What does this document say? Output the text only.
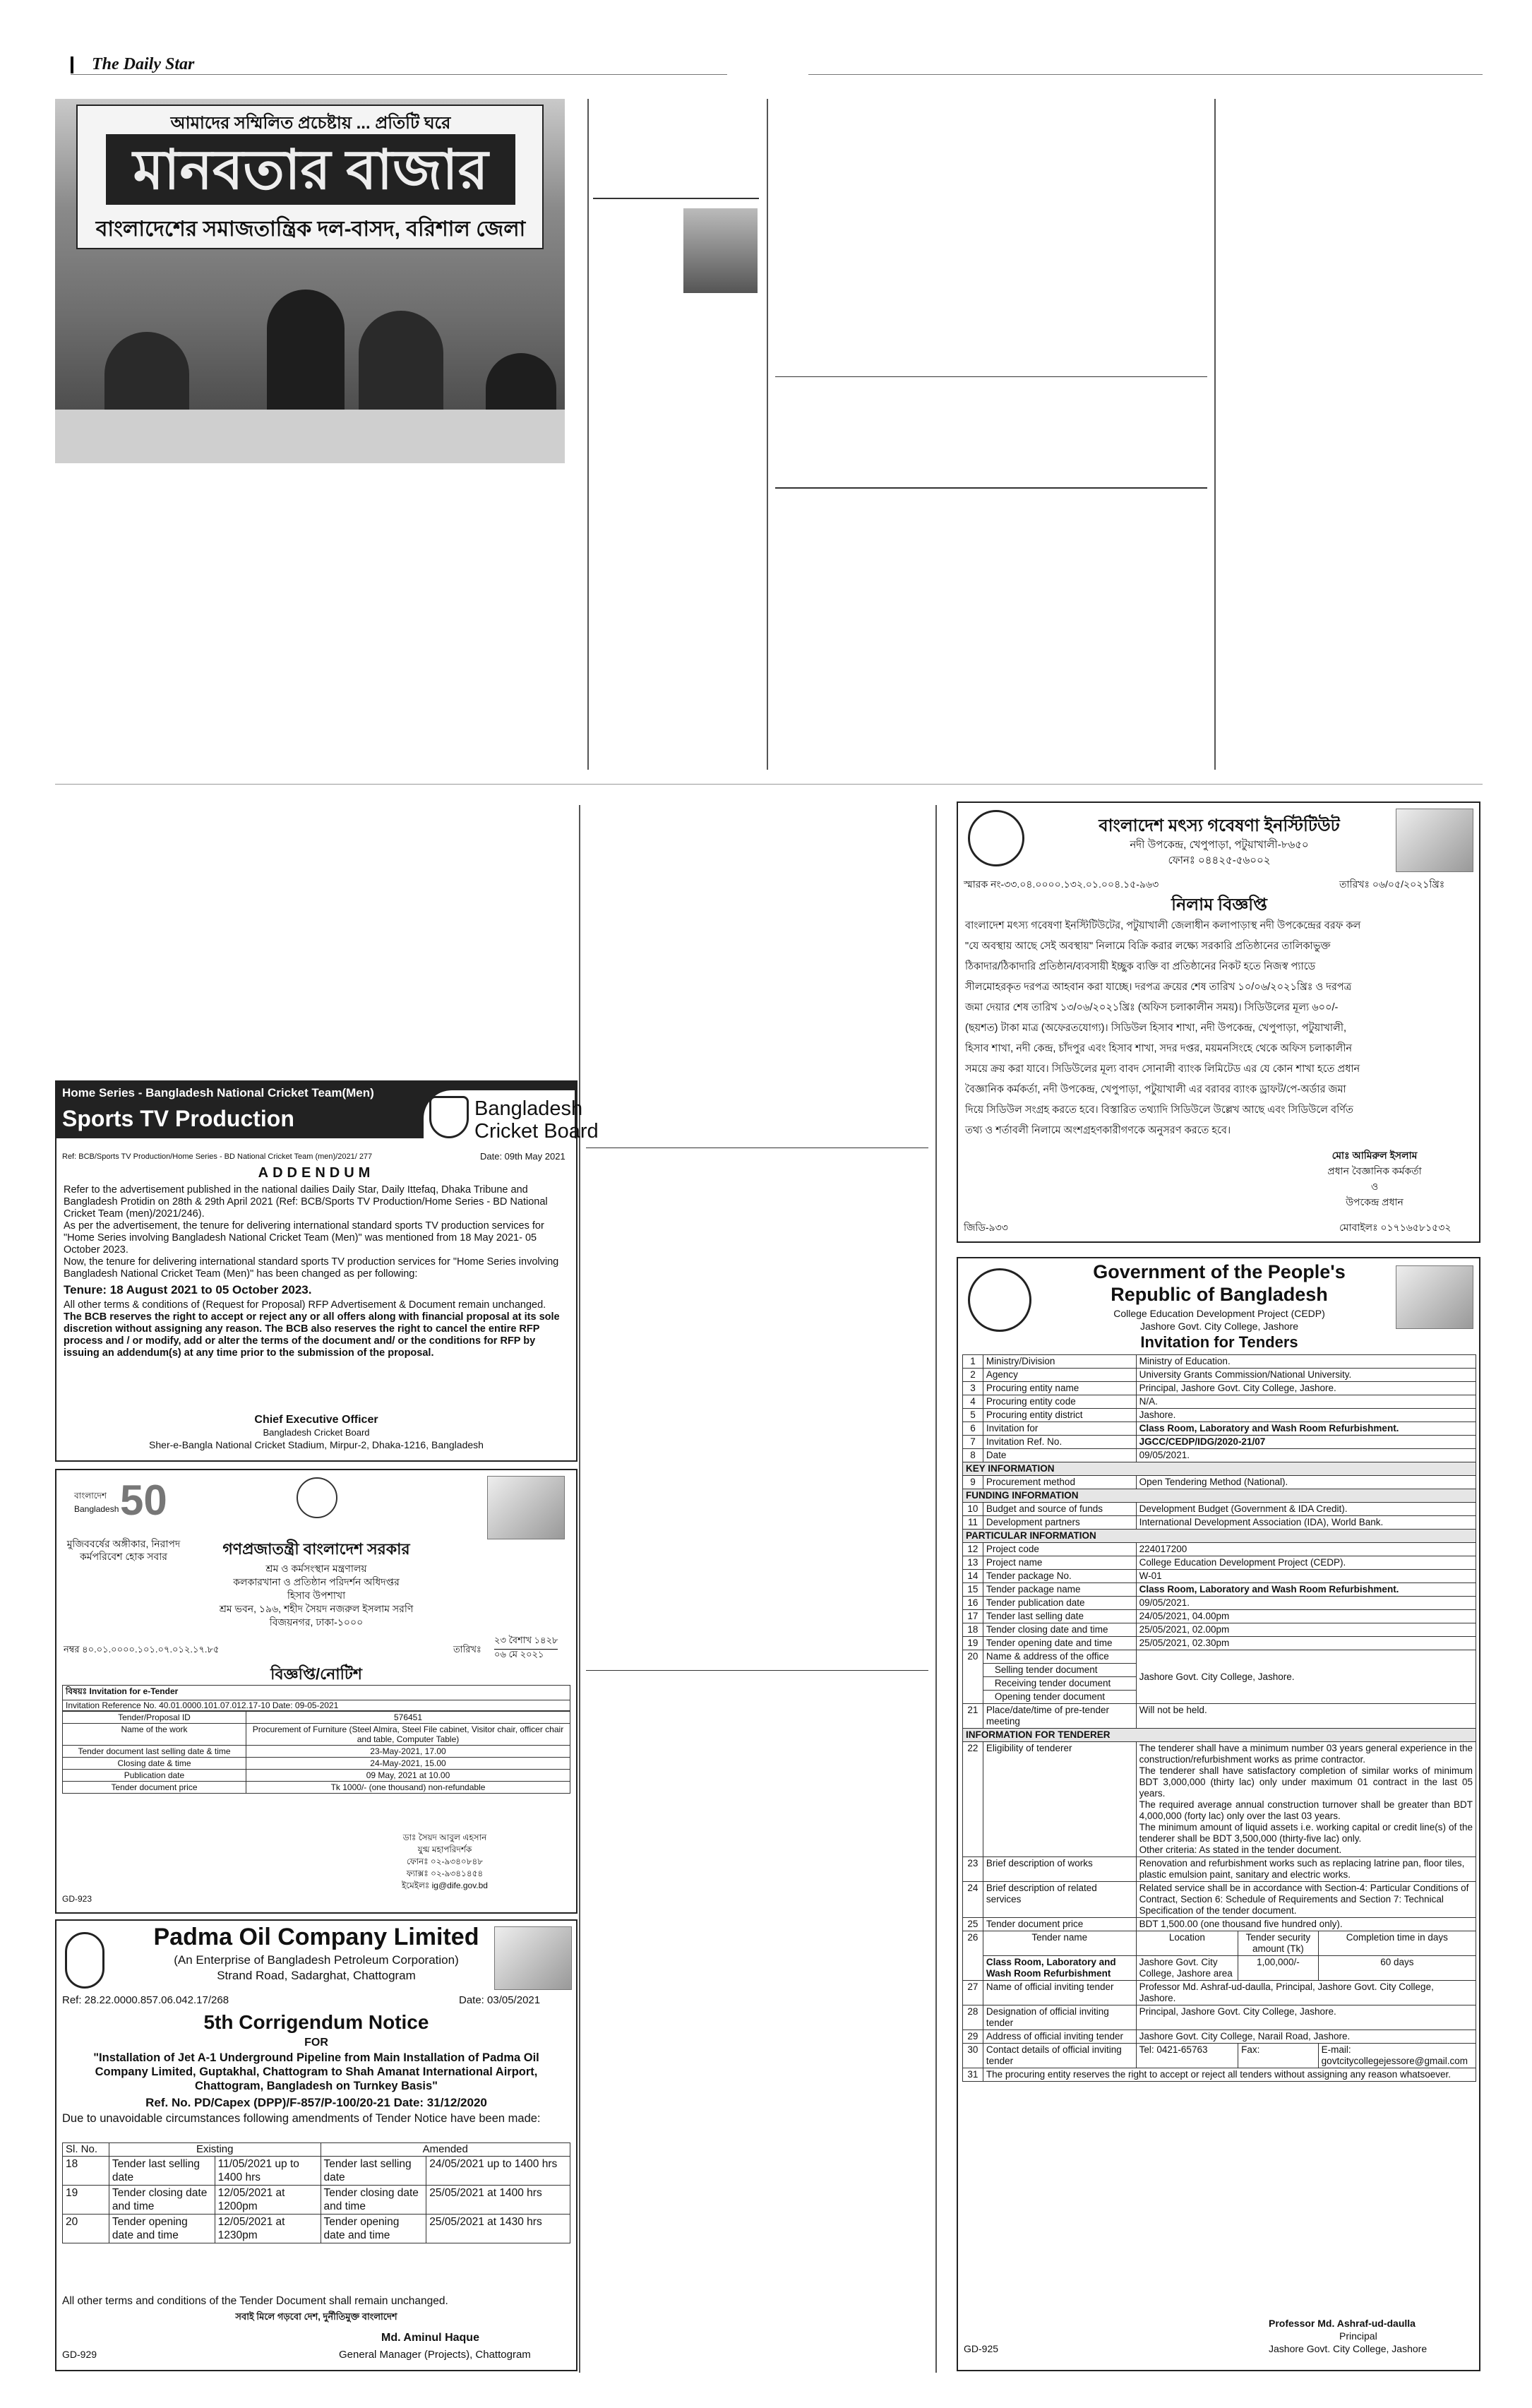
The Daily Star
আমাদের সম্মিলিত প্রচেষ্টায় ... প্রতিটি ঘরে
মানবতার বাজার
বাংলাদেশের সমাজতান্ত্রিক দল-বাসদ, বরিশাল জেলা
Home Series - Bangladesh National Cricket Team(Men)
Sports TV Production	Bangladesh
Cricket Board
Ref: BCB/Sports TV Production/Home Series - BD National Cricket Team (men)/2021/ 277	Date: 09th May 2021
ADDENDUM

Refer to the advertisement published in the national dailies Daily Star, Daily Ittefaq, Dhaka Tribune and Bangladesh Protidin on 28th & 29th April 2021 (Ref: BCB/Sports TV Production/Home Series - BD National Cricket Team (men)/2021/246).

As per the advertisement, the tenure for delivering international standard sports TV production services for "Home Series involving Bangladesh National Cricket Team (Men)" was mentioned from 18 May 2021- 05 October 2023.

Now, the tenure for delivering international standard sports TV production services for "Home Series involving Bangladesh National Cricket Team (Men)" has been changed as per following:

Tenure: 18 August 2021 to 05 October 2023.

All other terms & conditions of (Request for Proposal) RFP Advertisement & Document remain unchanged.

The BCB reserves the right to accept or reject any or all offers along with financial proposal at its sole discretion without assigning any reason. The BCB also reserves the right to cancel the entire RFP process and / or modify, add or alter the terms of the document and/ or the conditions for RFP by issuing an addendum(s) at any time prior to the submission of the proposal.

Chief Executive Officer
Bangladesh Cricket Board
Sher-e-Bangla National Cricket Stadium, Mirpur-2, Dhaka-1216, Bangladesh
50
বাংলাদেশ Bangladesh
মুজিববর্ষের অঙ্গীকার, নিরাপদ কর্মপরিবেশ হোক সবার	গণপ্রজাতন্ত্রী বাংলাদেশ সরকার
শ্রম ও কর্মসংস্থান মন্ত্রণালয়
কলকারখানা ও প্রতিষ্ঠান পরিদর্শন অধিদপ্তর
হিসাব উপশাখা
শ্রম ভবন, ১৯৬, শহীদ সৈয়দ নজরুল ইসলাম সরণি
বিজয়নগর, ঢাকা-১০০০
নম্বর ৪০.০১.০০০০.১০১.০৭.০১২.১৭.৮৫	তারিখঃ
২৩ বৈশাখ ১৪২৮
০৬ মে ২০২১
বিজ্ঞপ্তি/নোটিশ
বিষয়ঃ Invitation for e-Tender
Invitation Reference No. 40.01.0000.101.07.012.17-10 Date: 09-05-2021
Tender/Proposal ID	576451
Name of the work	Procurement of Furniture (Steel Almira, Steel File cabinet, Visitor chair, officer chair and table, Computer Table)
Tender document last selling date & time	23-May-2021, 17.00
Closing date & time	24-May-2021, 15.00
Publication date	09 May, 2021 at 10.00
Tender document price	Tk 1000/- (one thousand) non-refundable
ডাঃ সৈয়দ আবুল এহসান
যুগ্ম মহাপরিদর্শক
ফোনঃ ০২-৯৩৪০৮৪৮
ফ্যাক্সঃ ০২-৯৩৪১৪৫৪
ইমেইলঃ ig@dife.gov.bd
GD-923
Padma Oil Company Limited
(An Enterprise of Bangladesh Petroleum Corporation)
Strand Road, Sadarghat, Chattogram
Ref: 28.22.0000.857.06.042.17/268	Date: 03/05/2021
5th Corrigendum Notice
FOR
"Installation of Jet A-1 Underground Pipeline from Main Installation of Padma Oil Company Limited, Guptakhal, Chattogram to Shah Amanat International Airport, Chattogram, Bangladesh on Turnkey Basis"
Ref. No. PD/Capex (DPP)/F-857/P-100/20-21 Date: 31/12/2020
Due to unavoidable circumstances following amendments of Tender Notice have been made:
Sl. No.	Existing		Amended	
18	Tender last selling date	11/05/2021 up to 1400 hrs	Tender last selling date	24/05/2021 up to 1400 hrs
19	Tender closing date and time	12/05/2021 at 1200pm	Tender closing date and time	25/05/2021 at 1400 hrs
20	Tender opening date and time	12/05/2021 at 1230pm	Tender opening date and time	25/05/2021 at 1430 hrs
All other terms and conditions of the Tender Document shall remain unchanged.
সবাই মিলে গড়বো দেশ, দুর্নীতিমুক্ত বাংলাদেশ
Md. Aminul Haque
General Manager (Projects), Chattogram
GD-929
বাংলাদেশ মৎস্য গবেষণা ইনস্টিটিউট
নদী উপকেন্দ্র, খেপুপাড়া, পটুয়াখালী-৮৬৫০
ফোনঃ ০৪৪২৫-৫৬০০২
স্মারক নং-৩৩.০৪.০০০০.১৩২.০১.০০৪.১৫-৯৬৩	তারিখঃ ০৬/০৫/২০২১খ্রিঃ
নিলাম বিজ্ঞপ্তি
বাংলাদেশ মৎস্য গবেষণা ইনস্টিটিউটের, পটুয়াখালী জেলাধীন কলাপাড়াস্থ নদী উপকেন্দ্রের বরফ কল
"যে অবস্থায় আছে সেই অবস্থায়" নিলামে বিক্রি করার লক্ষ্যে সরকারি প্রতিষ্ঠানের তালিকাভুক্ত
ঠিকাদার/ঠিকাদারি প্রতিষ্ঠান/ব্যবসায়ী ইচ্ছুক ব্যক্তি বা প্রতিষ্ঠানের নিকট হতে নিজস্ব প্যাডে
সীলমোহরকৃত দরপত্র আহবান করা যাচ্ছে। দরপত্র ক্রয়ের শেষ তারিখ ১০/০৬/২০২১খ্রিঃ ও দরপত্র
জমা দেয়ার শেষ তারিখ ১৩/০৬/২০২১খ্রিঃ (অফিস চলাকালীন সময়)। সিডিউলের মূল্য ৬০০/-
(ছয়শত) টাকা মাত্র (অফেরতযোগ্য)। সিডিউল হিসাব শাখা, নদী উপকেন্দ্র, খেপুপাড়া, পটুয়াখালী,
হিসাব শাখা, নদী কেন্দ্র, চাঁদপুর এবং হিসাব শাখা, সদর দপ্তর, ময়মনসিংহে থেকে অফিস চলাকালীন
সময়ে ক্রয় করা যাবে। সিডিউলের মূল্য বাবদ সোনালী ব্যাংক লিমিটেড এর যে কোন শাখা হতে প্রধান
বৈজ্ঞানিক কর্মকর্তা, নদী উপকেন্দ্র, খেপুপাড়া, পটুয়াখালী এর বরাবর ব্যাংক ড্রাফট/পে-অর্ডার জমা
দিয়ে সিডিউল সংগ্রহ করতে হবে। বিস্তারিত তথ্যাদি সিডিউলে উল্লেখ আছে এবং সিডিউলে বর্ণিত
তথ্য ও শর্তাবলী নিলামে অংশগ্রহণকারীগণকে অনুসরণ করতে হবে।
মোঃ আমিরুল ইসলাম
প্রধান বৈজ্ঞানিক কর্মকর্তা
ও
উপকেন্দ্র প্রধান
মোবাইলঃ ০১৭১৬৫৮১৫৩২
জিডি-৯৩৩
Government of the People's
Republic of Bangladesh
College Education Development Project (CEDP)
Jashore Govt. City College, Jashore
Invitation for Tenders
1	Ministry/Division	Ministry of Education.		
2	Agency	University Grants Commission/National University.		
3	Procuring entity name	Principal, Jashore Govt. City College, Jashore.		
4	Procuring entity code	N/A.		
5	Procuring entity district	Jashore.		
6	Invitation for	Class Room, Laboratory and Wash Room Refurbishment.		
7	Invitation Ref. No.	JGCC/CEDP/IDG/2020-21/07		
8	Date	09/05/2021.		
KEY INFORMATION				
9	Procurement method	Open Tendering Method (National).		
FUNDING INFORMATION				
10	Budget and source of funds	Development Budget (Government & IDA Credit).		
11	Development partners	International Development Association (IDA), World Bank.		
PARTICULAR INFORMATION				
12	Project code	224017200		
13	Project name	College Education Development Project (CEDP).		
14	Tender package No.	W-01		
15	Tender package name	Class Room, Laboratory and Wash Room Refurbishment.		
16	Tender publication date	09/05/2021.		
17	Tender last selling date	24/05/2021, 04.00pm		
18	Tender closing date and time	25/05/2021, 02.00pm		
19	Tender opening date and time	25/05/2021, 02.30pm		
20	Name & address of the office	Jashore Govt. City College, Jashore.		
	Selling tender document			
	Receiving tender document			
	Opening tender document			
21	Place/date/time of pre-tender meeting	Will not be held.		
INFORMATION FOR TENDERER				
22	Eligibility of tenderer	The tenderer shall have a minimum number 03 years general experience in the construction/refurbishment works as prime contractor.
The tenderer shall have satisfactory completion of similar works of minimum BDT 3,000,000 (thirty lac) only under maximum 01 contract in the last 05 years.
The required average annual construction turnover shall be greater than BDT 4,000,000 (forty lac) only over the last 03 years.
The minimum amount of liquid assets i.e. working capital or credit line(s) of the tenderer shall be BDT 3,500,000 (thirty-five lac) only.
Other criteria: As stated in the tender document.		

23	Brief description of works	Renovation and refurbishment works such as replacing latrine pan, floor tiles, plastic emulsion paint, sanitary and electric works.		
24	Brief description of related services	Related service shall be in accordance with Section-4: Particular Conditions of Contract, Section 6: Schedule of Requirements and Section 7: Technical Specification of the tender document.		
25	Tender document price	BDT 1,500.00 (one thousand five hundred only).		
26	Tender name	Location	Tender security amount (Tk)	Completion time in days
	Class Room, Laboratory and Wash Room Refurbishment	Jashore Govt. City College, Jashore area	1,00,000/-	60 days
27	Name of official inviting tender	Professor Md. Ashraf-ud-daulla, Principal, Jashore Govt. City College, Jashore.		
28	Designation of official inviting tender	Principal, Jashore Govt. City College, Jashore.		
29	Address of official inviting tender	Jashore Govt. City College, Narail Road, Jashore.		
30	Contact details of official inviting tender	Tel: 0421-65763	Fax:	E-mail: govtcitycollegejessore@gmail.com
31	The procuring entity reserves the right to accept or reject all tenders without assigning any reason whatsoever.			
Professor Md. Ashraf-ud-daulla
Principal
Jashore Govt. City College, Jashore
GD-925
